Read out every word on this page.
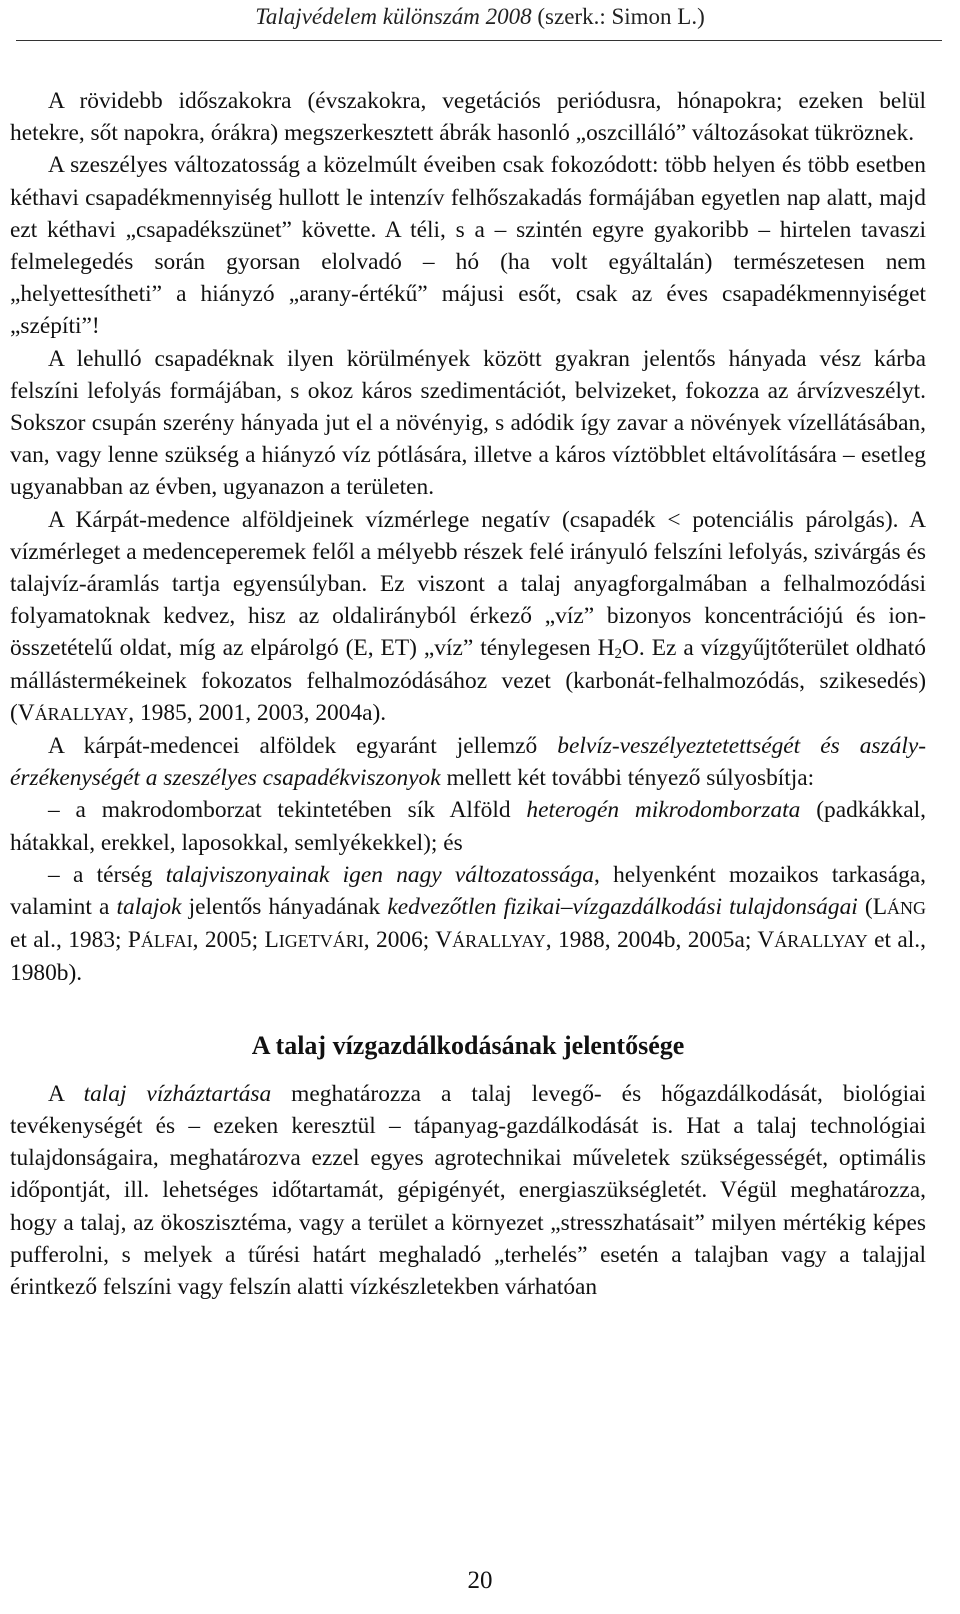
Talajvédelem különszám 2008 (szerk.: Simon L.)

A rövidebb időszakokra (évszakokra, vegetációs periódusra, hónapokra; ezeken belül hetekre, sőt napokra, órákra) megszerkesztett ábrák hasonló „oszcilláló” változásokat tükröznek.

A szeszélyes változatosság a közelmúlt éveiben csak fokozódott: több helyen és több esetben kéthavi csapadékmennyiség hullott le intenzív felhőszakadás formájában egyetlen nap alatt, majd ezt kéthavi „csapadékszünet” követte. A téli, s a – szintén egyre gyakoribb – hirtelen tavaszi felmelegedés során gyorsan elolvadó – hó (ha volt egyáltalán) természetesen nem „helyettesítheti” a hiányzó „arany-értékű” májusi esőt, csak az éves csapadékmennyiséget „szépíti”!

A lehulló csapadéknak ilyen körülmények között gyakran jelentős hányada vész kárba felszíni lefolyás formájában, s okoz káros szedimentációt, belvizeket, fokozza az árvízveszélyt. Sokszor csupán szerény hányada jut el a növényig, s adódik így zavar a növények vízellátásában, van, vagy lenne szükség a hiányzó víz pótlására, illetve a káros víztöbblet eltávolítására – esetleg ugyanabban az évben, ugyanazon a területen.

A Kárpát-medence alföldjeinek vízmérlege negatív (csapadék < potenciális párolgás). A vízmérleget a medenceperemek felől a mélyebb részek felé irányuló felszíni lefolyás, szivárgás és talajvíz-áramlás tartja egyensúlyban. Ez viszont a talaj anyagforgalmában a felhalmozódási folyamatoknak kedvez, hisz az oldalirányból érkező „víz” bizonyos koncentrációjú és ion-összetételű oldat, míg az elpárolgó (E, ET) „víz” ténylegesen $H_2O$. Ez a vízgyűjtőterület oldható mállástermékeinek fokozatos felhalmozódásához vezet (karbonát-felhalmozódás, szikesedés) (VÁRALLYAY, 1985, 2001, 2003, 2004a).

A kárpát-medencei alföldek egyaránt jellemző belvíz-veszélyeztetettségét és aszály-érzékenységét a szeszélyes csapadékviszonyok mellett két további tényező súlyosbítja:

– a makrodomborzat tekintetében sík Alföld heterogén mikrodomborzata (padkákkal, hátakkal, erekkel, laposokkal, semlyékekkel); és

– a térség talajviszonyainak igen nagy változatossága, helyenként mozaikos tarkasága, valamint a talajok jelentős hányadának kedvezőtlen fizikai–vízgazdálkodási tulajdonságai (LÁNG et al., 1983; PÁLFAI, 2005; LIGETVÁRI, 2006; VÁRALLYAY, 1988, 2004b, 2005a; VÁRALLYAY et al., 1980b).

A talaj vízgazdálkodásának jelentősége

A talaj vízháztartása meghatározza a talaj levegő- és hőgazdálkodását, biológiai tevékenységét és – ezeken keresztül – tápanyag-gazdálkodását is. Hat a talaj technológiai tulajdonságaira, meghatározva ezzel egyes agrotechnikai műveletek szükségességét, optimális időpontját, ill. lehetséges időtartamát, gépigényét, energiaszükségletét. Végül meghatározza, hogy a talaj, az ökoszisztéma, vagy a terület a környezet „stresszhatásait” milyen mértékig képes pufferolni, s melyek a tűrési határt meghaladó „terhelés” esetén a talajban vagy a talajjal érintkező felszíni vagy felszín alatti vízkészletekben várhatóan

20
